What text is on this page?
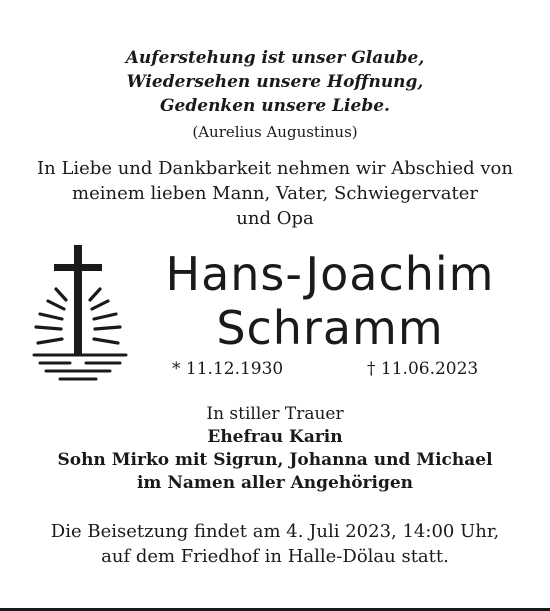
Auferstehung ist unser Glaube,
Wiedersehen unsere Hoffnung,
Gedenken unsere Liebe.
(Aurelius Augustinus)
In Liebe und Dankbarkeit nehmen wir Abschied von
meinem lieben Mann, Vater, Schwiegervater
und Opa
Hans-Joachim
Schramm
* 11.12.1930	† 11.06.2023
In stiller Trauer
Ehefrau Karin
Sohn Mirko mit Sigrun, Johanna und Michael
im Namen aller Angehörigen
Die Beisetzung findet am 4. Juli 2023, 14:00 Uhr,
auf dem Friedhof in Halle-Dölau statt.
